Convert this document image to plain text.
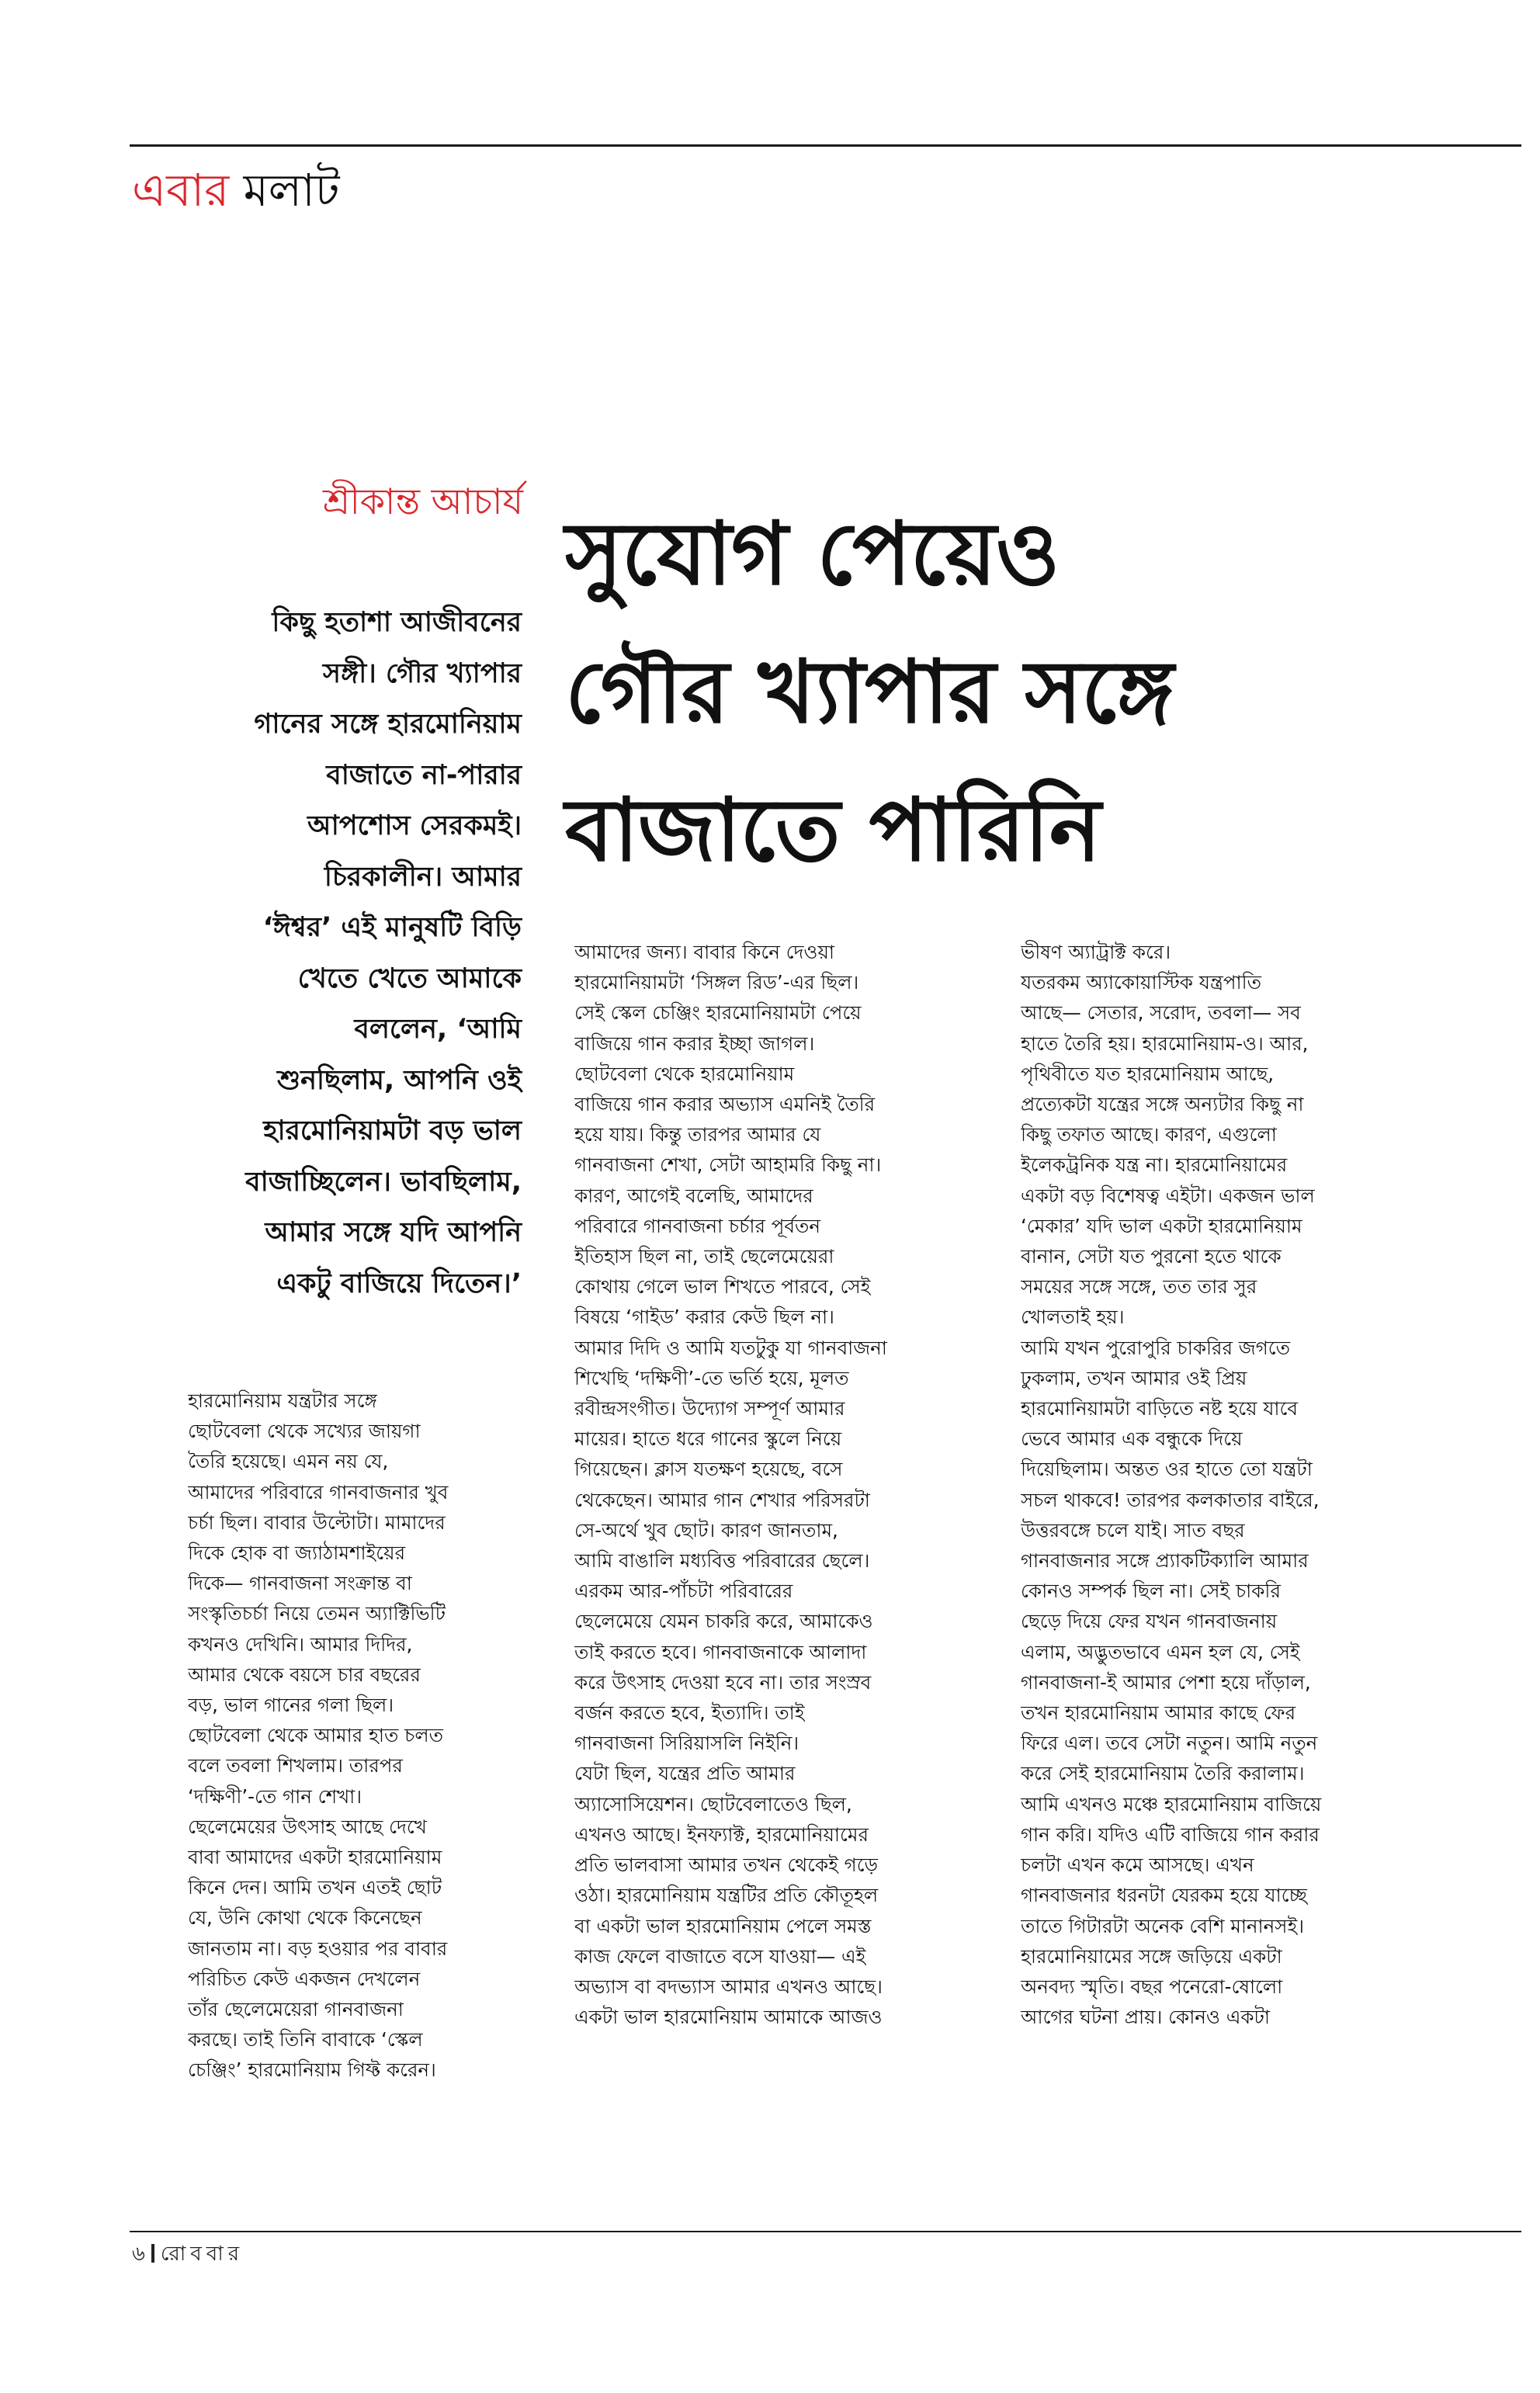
এবার মলাট
শ্রীকান্ত আচার্য
সুযোগ পেয়েও
গৌর খ্যাপার সঙ্গে
বাজাতে পারিনি
কিছু হতাশা আজীবনের
সঙ্গী। গৌর খ্যাপার
গানের সঙ্গে হারমোনিয়াম
বাজাতে না-পারার
আপশোস সেরকমই।
চিরকালীন। আমার
‘ঈশ্বর’ এই মানুষটি বিড়ি
খেতে খেতে আমাকে
বললেন, ‘আমি
শুনছিলাম, আপনি ওই
হারমোনিয়ামটা বড় ভাল
বাজাচ্ছিলেন। ভাবছিলাম,
আমার সঙ্গে যদি আপনি
একটু বাজিয়ে দিতেন।’
হারমোনিয়াম যন্ত্রটার সঙ্গে
ছোটবেলা থেকে সখ্যের জায়গা
তৈরি হয়েছে। এমন নয় যে,
আমাদের পরিবারে গানবাজনার খুব
চর্চা ছিল। বাবার উল্টোটা। মামাদের
দিকে হোক বা জ্যাঠামশাইয়ের
দিকে— গানবাজনা সংক্রান্ত বা
সংস্কৃতিচর্চা নিয়ে তেমন অ্যাক্টিভিটি
কখনও দেখিনি। আমার দিদির,
আমার থেকে বয়সে চার বছরের
বড়, ভাল গানের গলা ছিল।
ছোটবেলা থেকে আমার হাত চলত
বলে তবলা শিখলাম। তারপর
‘দক্ষিণী’-তে গান শেখা।
ছেলেমেয়ের উৎসাহ আছে দেখে
বাবা আমাদের একটা হারমোনিয়াম
কিনে দেন। আমি তখন এতই ছোট
যে, উনি কোথা থেকে কিনেছেন
জানতাম না। বড় হওয়ার পর বাবার
পরিচিত কেউ একজন দেখলেন
তাঁর ছেলেমেয়েরা গানবাজনা
করছে। তাই তিনি বাবাকে ‘স্কেল
চেঞ্জিং’ হারমোনিয়াম গিফ্ট করেন।
আমাদের জন্য। বাবার কিনে দেওয়া
হারমোনিয়ামটা ‘সিঙ্গল রিড’-এর ছিল।
সেই স্কেল চেঞ্জিং হারমোনিয়ামটা পেয়ে
বাজিয়ে গান করার ইচ্ছা জাগল।
ছোটবেলা থেকে হারমোনিয়াম
বাজিয়ে গান করার অভ্যাস এমনিই তৈরি
হয়ে যায়। কিন্তু তারপর আমার যে
গানবাজনা শেখা, সেটা আহামরি কিছু না।
কারণ, আগেই বলেছি, আমাদের
পরিবারে গানবাজনা চর্চার পূর্বতন
ইতিহাস ছিল না, তাই ছেলেমেয়েরা
কোথায় গেলে ভাল শিখতে পারবে, সেই
বিষয়ে ‘গাইড’ করার কেউ ছিল না।
আমার দিদি ও আমি যতটুকু যা গানবাজনা
শিখেছি ‘দক্ষিণী’-তে ভর্তি হয়ে, মূলত
রবীন্দ্রসংগীত। উদ্যোগ সম্পূর্ণ আমার
মায়ের। হাতে ধরে গানের স্কুলে নিয়ে
গিয়েছেন। ক্লাস যতক্ষণ হয়েছে, বসে
থেকেছেন। আমার গান শেখার পরিসরটা
সে-অর্থে খুব ছোট। কারণ জানতাম,
আমি বাঙালি মধ্যবিত্ত পরিবারের ছেলে।
এরকম আর-পাঁচটা পরিবারের
ছেলেমেয়ে যেমন চাকরি করে, আমাকেও
তাই করতে হবে। গানবাজনাকে আলাদা
করে উৎসাহ দেওয়া হবে না। তার সংস্রব
বর্জন করতে হবে, ইত্যাদি। তাই
গানবাজনা সিরিয়াসলি নিইনি।
যেটা ছিল, যন্ত্রের প্রতি আমার
অ্যাসোসিয়েশন। ছোটবেলাতেও ছিল,
এখনও আছে। ইনফ্যাক্ট, হারমোনিয়ামের
প্রতি ভালবাসা আমার তখন থেকেই গড়ে
ওঠা। হারমোনিয়াম যন্ত্রটির প্রতি কৌতূহল
বা একটা ভাল হারমোনিয়াম পেলে সমস্ত
কাজ ফেলে বাজাতে বসে যাওয়া— এই
অভ্যাস বা বদভ্যাস আমার এখনও আছে।
একটা ভাল হারমোনিয়াম আমাকে আজও
ভীষণ অ্যাট্রাক্ট করে।
যতরকম অ্যাকোয়াস্টিক যন্ত্রপাতি
আছে— সেতার, সরোদ, তবলা— সব
হাতে তৈরি হয়। হারমোনিয়াম-ও। আর,
পৃথিবীতে যত হারমোনিয়াম আছে,
প্রত্যেকটা যন্ত্রের সঙ্গে অন্যটার কিছু না
কিছু তফাত আছে। কারণ, এগুলো
ইলেকট্রনিক যন্ত্র না। হারমোনিয়ামের
একটা বড় বিশেষত্ব এইটা। একজন ভাল
‘মেকার’ যদি ভাল একটা হারমোনিয়াম
বানান, সেটা যত পুরনো হতে থাকে
সময়ের সঙ্গে সঙ্গে, তত তার সুর
খোলতাই হয়।
আমি যখন পুরোপুরি চাকরির জগতে
ঢুকলাম, তখন আমার ওই প্রিয়
হারমোনিয়ামটা বাড়িতে নষ্ট হয়ে যাবে
ভেবে আমার এক বন্ধুকে দিয়ে
দিয়েছিলাম। অন্তত ওর হাতে তো যন্ত্রটা
সচল থাকবে! তারপর কলকাতার বাইরে,
উত্তরবঙ্গে চলে যাই। সাত বছর
গানবাজনার সঙ্গে প্র্যাকটিক্যালি আমার
কোনও সম্পর্ক ছিল না। সেই চাকরি
ছেড়ে দিয়ে ফের যখন গানবাজনায়
এলাম, অদ্ভুতভাবে এমন হল যে, সেই
গানবাজনা-ই আমার পেশা হয়ে দাঁড়াল,
তখন হারমোনিয়াম আমার কাছে ফের
ফিরে এল। তবে সেটা নতুন। আমি নতুন
করে সেই হারমোনিয়াম তৈরি করালাম।
আমি এখনও মঞ্চে হারমোনিয়াম বাজিয়ে
গান করি। যদিও এটি বাজিয়ে গান করার
চলটা এখন কমে আসছে। এখন
গানবাজনার ধরনটা যেরকম হয়ে যাচ্ছে
তাতে গিটারটা অনেক বেশি মানানসই।
হারমোনিয়ামের সঙ্গে জড়িয়ে একটা
অনবদ্য স্মৃতি। বছর পনেরো-ষোলো
আগের ঘটনা প্রায়। কোনও একটা
৬ রোববার
